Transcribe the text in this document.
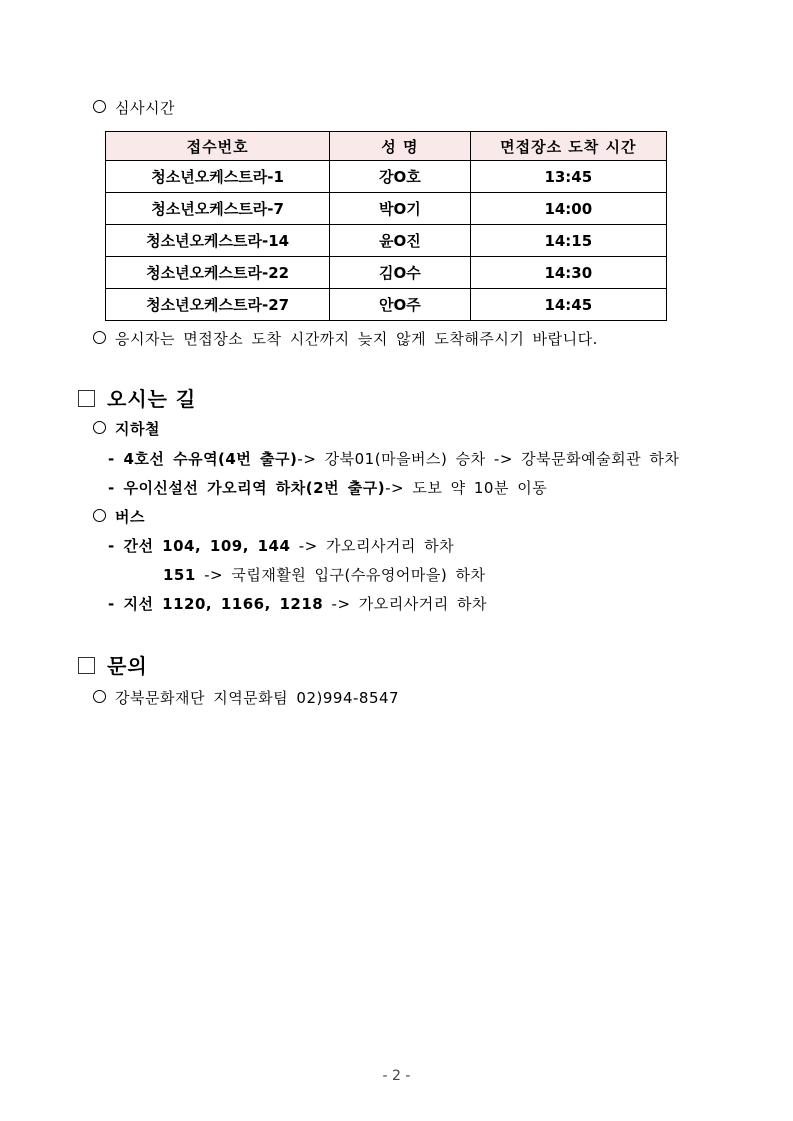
심사시간
접수번호	성 명	면접장소 도착 시간
청소년오케스트라-1	강O호	13:45
청소년오케스트라-7	박O기	14:00
청소년오케스트라-14	윤O진	14:15
청소년오케스트라-22	김O수	14:30
청소년오케스트라-27	안O주	14:45
응시자는 면접장소 도착 시간까지 늦지 않게 도착해주시기 바랍니다.
오시는 길
지하철
- 4호선 수유역(4번 출구)-> 강북01(마을버스) 승차 -> 강북문화예술회관 하차
- 우이신설선 가오리역 하차(2번 출구)-> 도보 약 10분 이동
버스
- 간선 104, 109, 144 -> 가오리사거리 하차
151 -> 국립재활원 입구(수유영어마을) 하차
- 지선 1120, 1166, 1218 -> 가오리사거리 하차
문의
강북문화재단 지역문화팀 02)994-8547
- 2 -
